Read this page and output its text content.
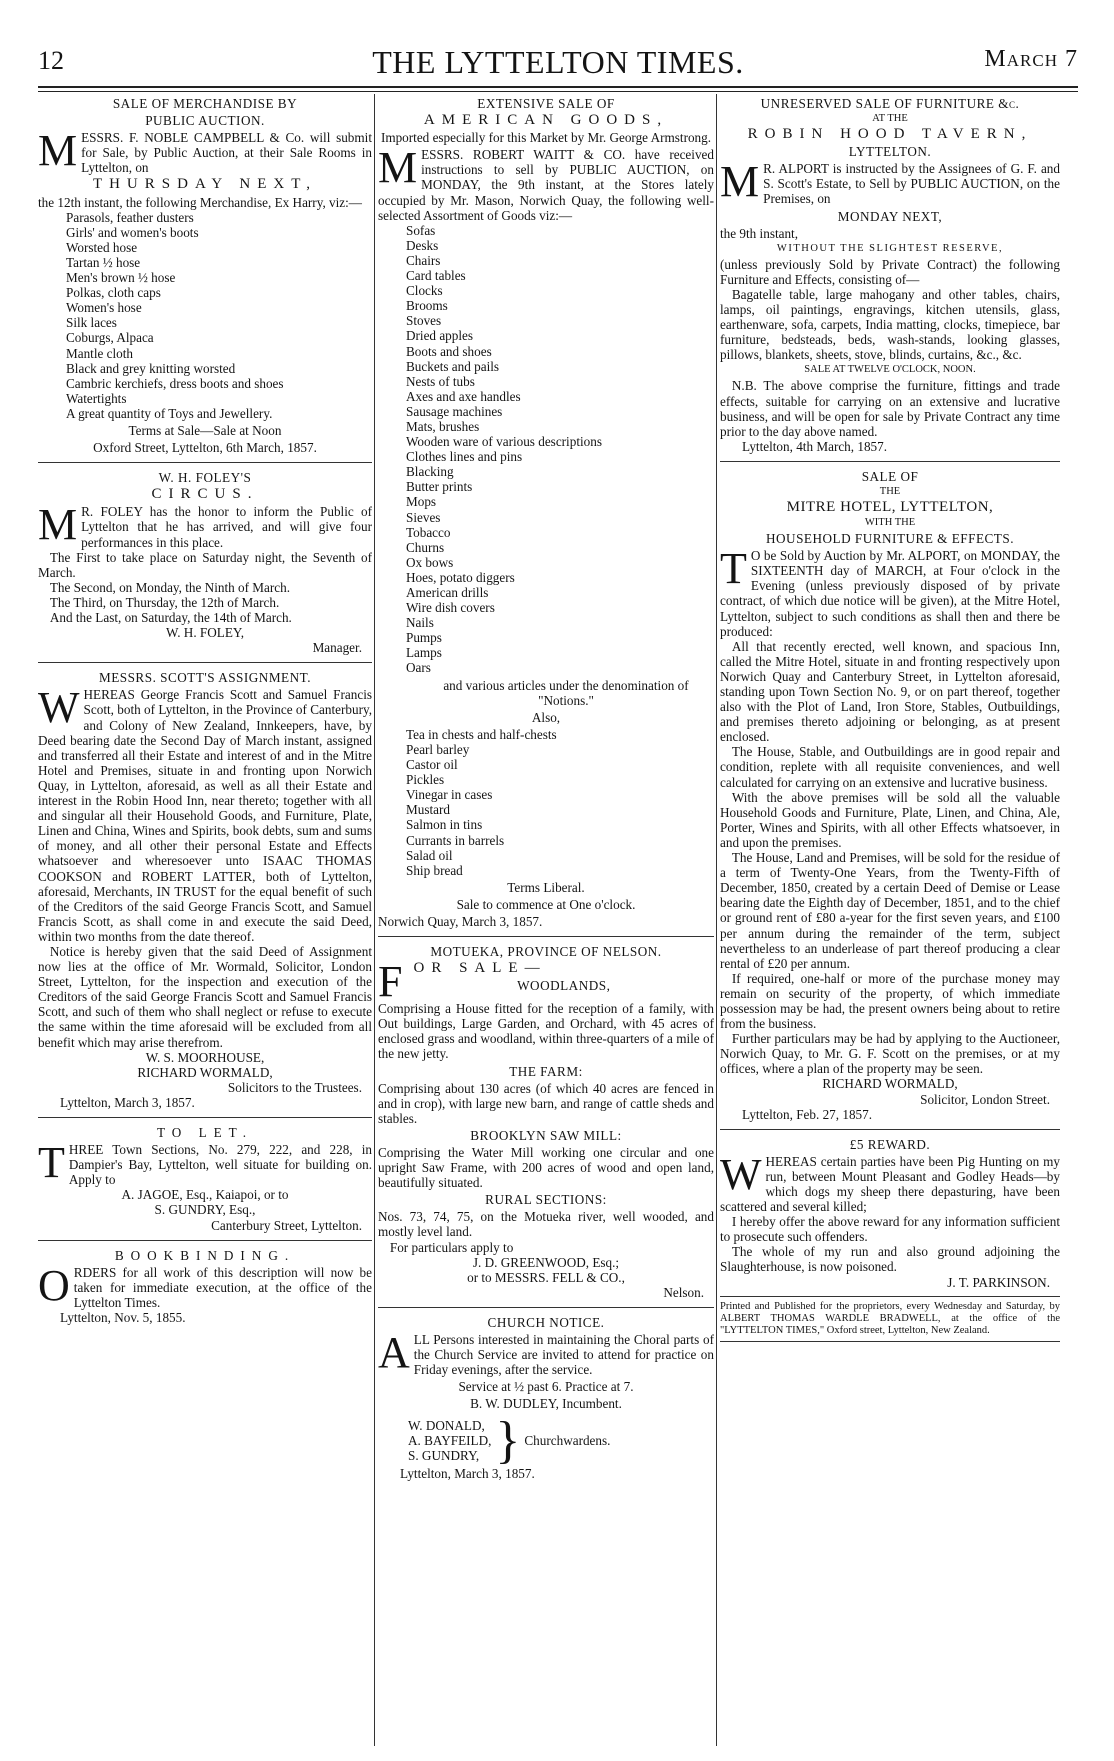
12	THE LYTTELTON TIMES.	March 7
SALE OF MERCHANDISE BY
PUBLIC AUCTION.

MESSRS. F. NOBLE CAMPBELL & Co. will submit for Sale, by Public Auction, at their Sale Rooms in Lyttelton, on

THURSDAY NEXT,

the 12th instant, the following Merchandise, Ex Harry, viz:—

Parasols, feather dusters
Girls' and women's boots
Worsted hose
Tartan ½ hose
Men's brown ½ hose
Polkas, cloth caps
Women's hose
Silk laces
Coburgs, Alpaca
Mantle cloth
Black and grey knitting worsted
Cambric kerchiefs, dress boots and shoes
Watertights
A great quantity of Toys and Jewellery.
Terms at Sale—Sale at Noon
Oxford Street, Lyttelton, 6th March, 1857.
W. H. FOLEY'S
CIRCUS.

M R. FOLEY has the honor to inform the Public of Lyttelton that he has arrived, and will give four performances in this place.

The First to take place on Saturday night, the Seventh of March.

The Second, on Monday, the Ninth of March.

The Third, on Thursday, the 12th of March.

And the Last, on Saturday, the 14th of March.

W. H. FOLEY,
Manager.
MESSRS. SCOTT'S ASSIGNMENT.

WHEREAS George Francis Scott and Samuel Francis Scott, both of Lyttelton, in the Province of Canterbury, and Colony of New Zealand, Innkeepers, have, by Deed bearing date the Second Day of March instant, assigned and transferred all their Estate and interest of and in the Mitre Hotel and Premises, situate in and fronting upon Norwich Quay, in Lyttelton, aforesaid, as well as all their Estate and interest in the Robin Hood Inn, near thereto; together with all and singular all their Household Goods, and Furniture, Plate, Linen and China, Wines and Spirits, book debts, sum and sums of money, and all other their personal Estate and Effects whatsoever and wheresoever unto ISAAC THOMAS COOKSON and ROBERT LATTER, both of Lyttelton, aforesaid, Merchants, IN TRUST for the equal benefit of such of the Creditors of the said George Francis Scott, and Samuel Francis Scott, as shall come in and execute the said Deed, within two months from the date thereof.

Notice is hereby given that the said Deed of Assignment now lies at the office of Mr. Wormald, Solicitor, London Street, Lyttelton, for the inspection and execution of the Creditors of the said George Francis Scott and Samuel Francis Scott, and such of them who shall neglect or refuse to execute the same within the time aforesaid will be excluded from all benefit which may arise therefrom.

W. S. MOORHOUSE,
RICHARD WORMALD,
Solicitors to the Trustees.
Lyttelton, March 3, 1857.
TO LET.

THREE Town Sections, No. 279, 222, and 228, in Dampier's Bay, Lyttelton, well situate for building on. Apply to

A. JAGOE, Esq., Kaiapoi, or to
S. GUNDRY, Esq.,
Canterbury Street, Lyttelton.
BOOKBINDING.

ORDERS for all work of this description will now be taken for immediate execution, at the office of the Lyttelton Times.

Lyttelton, Nov. 5, 1855.
EXTENSIVE SALE OF
AMERICAN GOODS,
Imported especially for this Market by Mr. George Armstrong.

MESSRS. ROBERT WAITT & CO. have received instructions to sell by PUBLIC AUCTION, on MONDAY, the 9th instant, at the Stores lately occupied by Mr. Mason, Norwich Quay, the following well-selected Assortment of Goods viz:—

Sofas
Desks
Chairs
Card tables
Clocks
Brooms
Stoves
Dried apples
Boots and shoes
Buckets and pails
Nests of tubs
Axes and axe handles
Sausage machines
Mats, brushes
Wooden ware of various descriptions
Clothes lines and pins
Blacking
Butter prints
Mops
Sieves
Tobacco
Churns
Ox bows
Hoes, potato diggers
American drills
Wire dish covers
Nails
Pumps
Lamps
Oars
and various articles under the denomination of "Notions."
Also,
Tea in chests and half-chests
Pearl barley
Castor oil
Pickles
Vinegar in cases
Mustard
Salmon in tins
Currants in barrels
Salad oil
Ship bread
Terms Liberal.
Sale to commence at One o'clock.
Norwich Quay, March 3, 1857.
MOTUEKA, PROVINCE OF NELSON.
FOR SALE—
WOODLANDS,

Comprising a House fitted for the reception of a family, with Out buildings, Large Garden, and Orchard, with 45 acres of enclosed grass and woodland, within three-quarters of a mile of the new jetty.

THE FARM:

Comprising about 130 acres (of which 40 acres are fenced in and in crop), with large new barn, and range of cattle sheds and stables.

BROOKLYN SAW MILL:

Comprising the Water Mill working one circular and one upright Saw Frame, with 200 acres of wood and open land, beautifully situated.

RURAL SECTIONS:

Nos. 73, 74, 75, on the Motueka river, well wooded, and mostly level land.

For particulars apply to

J. D. GREENWOOD, Esq.;
or to MESSRS. FELL & CO.,
Nelson.
CHURCH NOTICE.

ALL Persons interested in maintaining the Choral parts of the Church Service are invited to attend for practice on Friday evenings, after the service.

Service at ½ past 6. Practice at 7.
B. W. DUDLEY, Incumbent.
W. DONALD,
A. BAYFEILD,
S. GUNDRY, } Churchwardens.
Lyttelton, March 3, 1857.
UNRESERVED SALE OF FURNITURE &c.
AT THE
ROBIN HOOD TAVERN,
LYTTELTON.

M R. ALPORT is instructed by the Assignees of G. F. and S. Scott's Estate, to Sell by PUBLIC AUCTION, on the Premises, on

MONDAY NEXT,

the 9th instant,

WITHOUT THE SLIGHTEST RESERVE,

(unless previously Sold by Private Contract) the following Furniture and Effects, consisting of—

Bagatelle table, large mahogany and other tables, chairs, lamps, oil paintings, engravings, kitchen utensils, glass, earthenware, sofa, carpets, India matting, clocks, timepiece, bar furniture, bedsteads, beds, wash-stands, looking glasses, pillows, blankets, sheets, stove, blinds, curtains, &c., &c.

SALE AT TWELVE O'CLOCK, NOON.

N.B. The above comprise the furniture, fittings and trade effects, suitable for carrying on an extensive and lucrative business, and will be open for sale by Private Contract any time prior to the day above named.

Lyttelton, 4th March, 1857.
SALE OF
THE
MITRE HOTEL, LYTTELTON,
WITH THE
HOUSEHOLD FURNITURE & EFFECTS.

T O be Sold by Auction by Mr. ALPORT, on MONDAY, the SIXTEENTH day of MARCH, at Four o'clock in the Evening (unless previously disposed of by private contract, of which due notice will be given), at the Mitre Hotel, Lyttelton, subject to such conditions as shall then and there be produced:

All that recently erected, well known, and spacious Inn, called the Mitre Hotel, situate in and fronting respectively upon Norwich Quay and Canterbury Street, in Lyttelton aforesaid, standing upon Town Section No. 9, or on part thereof, together also with the Plot of Land, Iron Store, Stables, Outbuildings, and premises thereto adjoining or belonging, as at present enclosed.

The House, Stable, and Outbuildings are in good repair and condition, replete with all requisite conveniences, and well calculated for carrying on an extensive and lucrative business.

With the above premises will be sold all the valuable Household Goods and Furniture, Plate, Linen, and China, Ale, Porter, Wines and Spirits, with all other Effects whatsoever, in and upon the premises.

The House, Land and Premises, will be sold for the residue of a term of Twenty-One Years, from the Twenty-Fifth of December, 1850, created by a certain Deed of Demise or Lease bearing date the Eighth day of December, 1851, and to the chief or ground rent of £80 a-year for the first seven years, and £100 per annum during the remainder of the term, subject nevertheless to an underlease of part thereof producing a clear rental of £20 per annum.

If required, one-half or more of the purchase money may remain on security of the property, of which immediate possession may be had, the present owners being about to retire from the business.

Further particulars may be had by applying to the Auctioneer, Norwich Quay, to Mr. G. F. Scott on the premises, or at my offices, where a plan of the property may be seen.

RICHARD WORMALD,
Solicitor, London Street.
Lyttelton, Feb. 27, 1857.
£5 REWARD.

WHEREAS certain parties have been Pig Hunting on my run, between Mount Pleasant and Godley Heads—by which dogs my sheep there depasturing, have been scattered and several killed;

I hereby offer the above reward for any information sufficient to prosecute such offenders.

The whole of my run and also ground adjoining the Slaughterhouse, is now poisoned.

J. T. PARKINSON.
Printed and Published for the proprietors, every Wednesday and Saturday, by ALBERT THOMAS WARDLE BRADWELL, at the office of the "LYTTELTON TIMES," Oxford street, Lyttelton, New Zealand.
